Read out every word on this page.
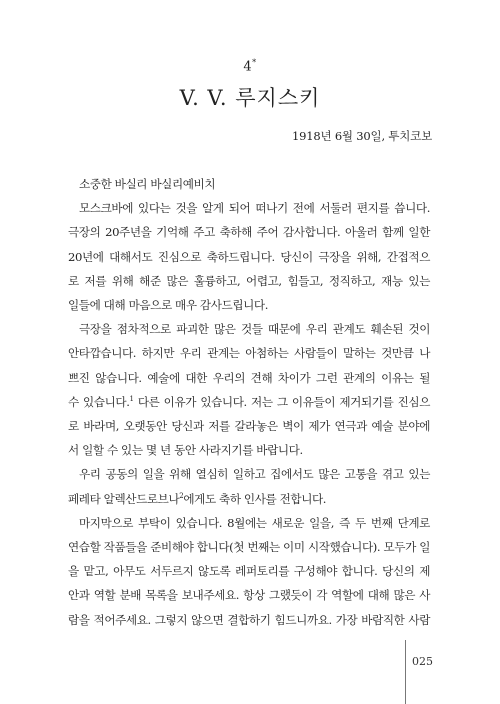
4*
V. V. 루지스키
1918년 6월 30일, 투치코보

소중한 바실리 바실리예비치

모스크바에 있다는 것을 알게 되어 떠나기 전에 서둘러 편지를 씁니다.
극장의 20주년을 기억해 주고 축하해 주어 감사합니다. 아울러 함께 일한
20년에 대해서도 진심으로 축하드립니다. 당신이 극장을 위해, 간접적으
로 저를 위해 해준 많은 훌륭하고, 어렵고, 힘들고, 정직하고, 재능 있는
일들에 대해 마음으로 매우 감사드립니다.

극장을 점차적으로 파괴한 많은 것들 때문에 우리 관계도 훼손된 것이
안타깝습니다. 하지만 우리 관계는 아첨하는 사람들이 말하는 것만큼 나
쁘진 않습니다. 예술에 대한 우리의 견해 차이가 그런 관계의 이유는 될
수 있습니다.$^1$ 다른 이유가 있습니다. 저는 그 이유들이 제거되기를 진심으
로 바라며, 오랫동안 당신과 저를 갈라놓은 벽이 제가 연극과 예술 분야에
서 일할 수 있는 몇 년 동안 사라지기를 바랍니다.

우리 공동의 일을 위해 열심히 일하고 집에서도 많은 고통을 겪고 있는
페레타 알렉산드로브나$^2$에게도 축하 인사를 전합니다.

마지막으로 부탁이 있습니다. 8월에는 새로운 일을, 즉 두 번째 단계로
연습할 작품들을 준비해야 합니다(첫 번째는 이미 시작했습니다). 모두가 일
을 맡고, 아무도 서두르지 않도록 레퍼토리를 구성해야 합니다. 당신의 제
안과 역할 분배 목록을 보내주세요. 항상 그랬듯이 각 역할에 대해 많은 사
람을 적어주세요. 그렇지 않으면 결합하기 힘드니까요. 가장 바람직한 사람

025
